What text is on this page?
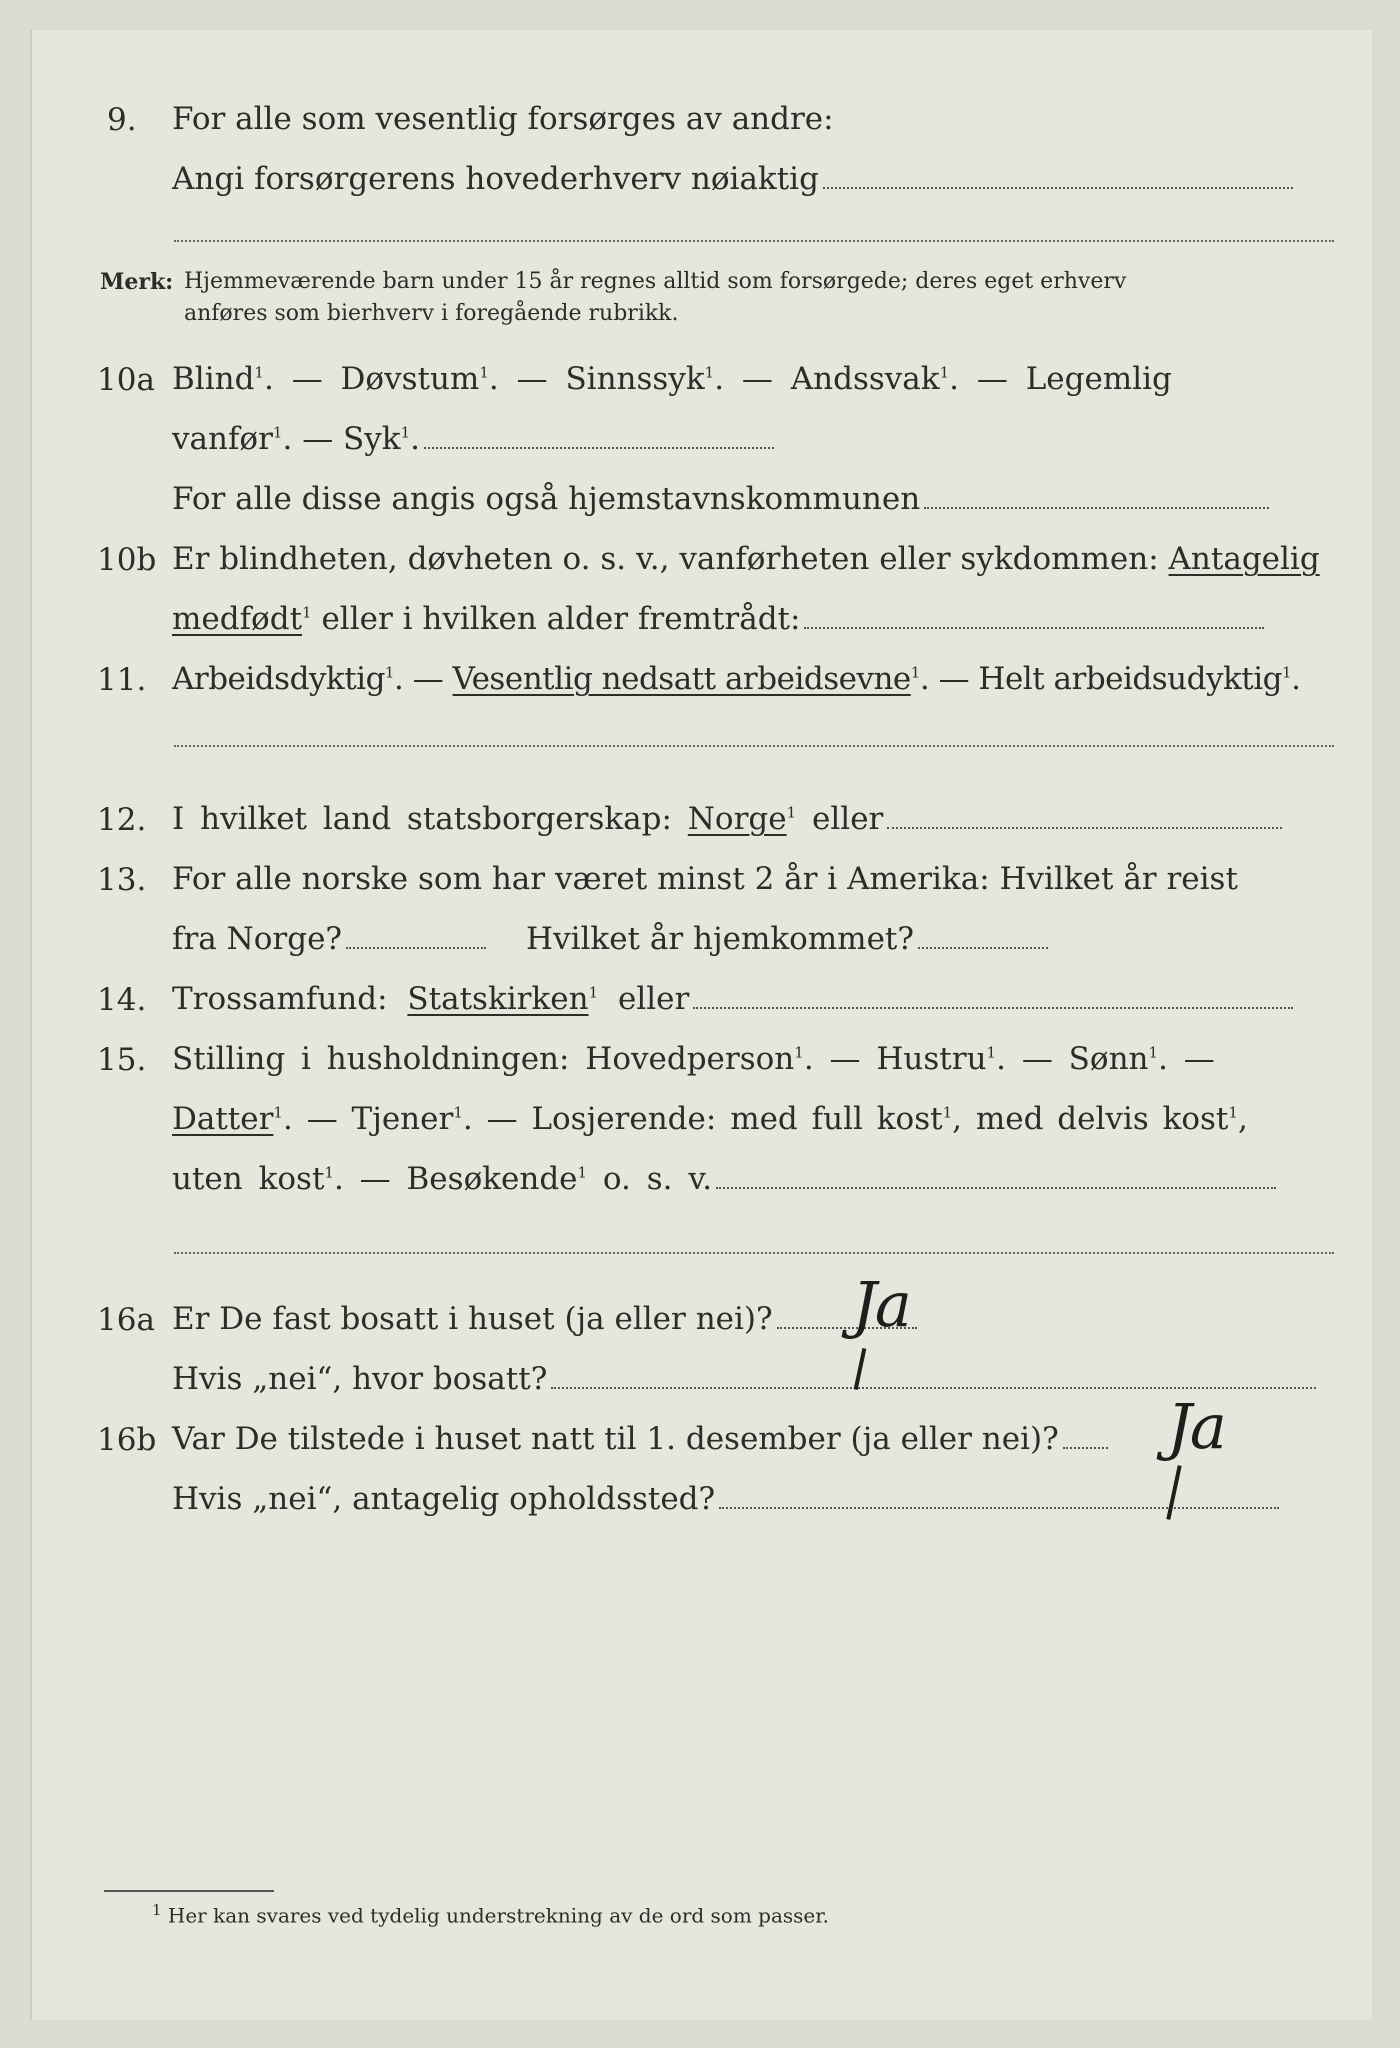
9. For alle som vesentlig forsørges av andre:
Angi forsørgerens hovederhverv nøiaktig
Merk: Hjemmeværende barn under 15 år regnes alltid som forsørgede; deres eget erhverv
anføres som bierhverv i foregående rubrikk.
10a Blind$^1$. — Døvstum$^1$. — Sinnssyk$^1$. — Andssvak$^1$. — Legemlig
vanfør$^1$. — Syk$^1$.
For alle disse angis også hjemstavnskommunen
10b Er blindheten, døvheten o. s. v., vanførheten eller sykdommen: Antagelig
medfødt$^1$ eller i hvilken alder fremtrådt:
11. Arbeidsdyktig$^1$. — Vesentlig nedsatt arbeidsevne$^1$. — Helt arbeidsudyktig$^1$.
12. I hvilket land statsborgerskap: Norge$^1$ eller
13. For alle norske som har været minst 2 år i Amerika: Hvilket år reist
fra Norge?	Hvilket år hjemkommet?
14. Trossamfund: Statskirken$^1$ eller
15. Stilling i husholdningen: Hovedperson$^1$. — Hustru$^1$. — Sønn$^1$. —
Datter$^1$. — Tjener$^1$. — Losjerende: med full kost$^1$, med delvis kost$^1$,
uten kost$^1$. — Besøkende$^1$ o. s. v.
16a Er De fast bosatt i huset (ja eller nei)?	Ja
Hvis „nei“, hvor bosatt?
16b Var De tilstede i huset natt til 1. desember (ja eller nei)?	Ja
Hvis „nei“, antagelig opholdssted?
$^1$ Her kan svares ved tydelig understrekning av de ord som passer.
